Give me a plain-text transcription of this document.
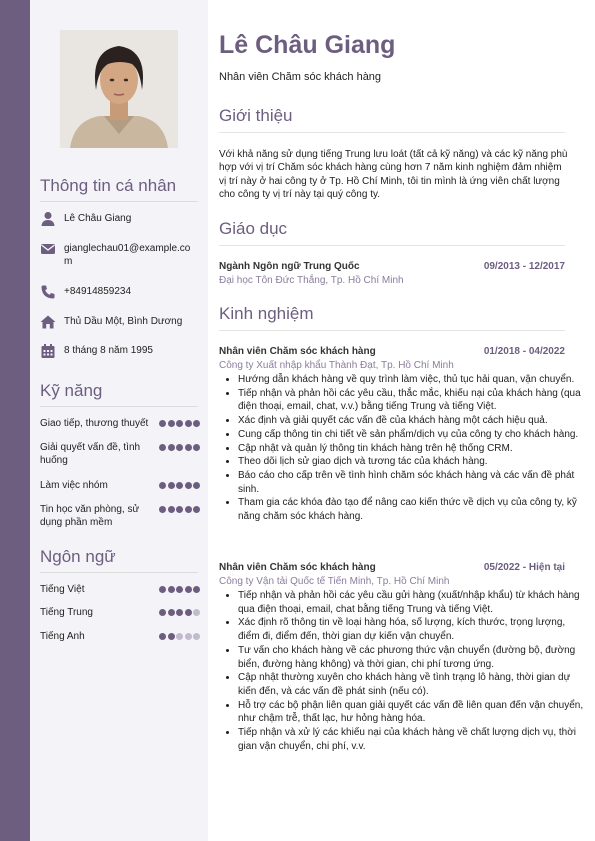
Thông tin cá nhân
Lê Châu Giang
gianglechau01@example.com
+84914859234
Thủ Dầu Một, Bình Dương
8 tháng 8 năm 1995
Kỹ năng
Giao tiếp, thương thuyết
Giải quyết vấn đề, tình huống
Làm việc nhóm
Tin học văn phòng, sử dụng phần mềm
Ngôn ngữ
Tiếng Việt
Tiếng Trung
Tiếng Anh
Lê Châu Giang
Nhân viên Chăm sóc khách hàng
Giới thiệu
Với khả năng sử dụng tiếng Trung lưu loát (tất cả kỹ năng) và các kỹ năng phù hợp với vị trí Chăm sóc khách hàng cùng hơn 7 năm kinh nghiệm đảm nhiệm vị trí này ở hai công ty ở Tp. Hồ Chí Minh, tôi tin mình là ứng viên chất lượng cho công ty vị trí này tại quý công ty.
Giáo dục
Ngành Ngôn ngữ Trung Quốc	09/2013 - 12/2017
Đại học Tôn Đức Thắng, Tp. Hồ Chí Minh
Kinh nghiệm
Nhân viên Chăm sóc khách hàng	01/2018 - 04/2022
Công ty Xuất nhập khẩu Thành Đạt, Tp. Hồ Chí Minh
• Hướng dẫn khách hàng về quy trình làm việc, thủ tục hải quan, vận chuyển.
• Tiếp nhận và phản hồi các yêu cầu, thắc mắc, khiếu nại của khách hàng (qua điện thoại, email, chat, v.v.) bằng tiếng Trung và tiếng Việt.
• Xác định và giải quyết các vấn đề của khách hàng một cách hiệu quả.
• Cung cấp thông tin chi tiết về sản phẩm/dịch vụ của công ty cho khách hàng.
• Cập nhật và quản lý thông tin khách hàng trên hệ thống CRM.
• Theo dõi lịch sử giao dịch và tương tác của khách hàng.
• Báo cáo cho cấp trên về tình hình chăm sóc khách hàng và các vấn đề phát sinh.
• Tham gia các khóa đào tạo để nâng cao kiến thức về dịch vụ của công ty, kỹ năng chăm sóc khách hàng.
Nhân viên Chăm sóc khách hàng	05/2022 - Hiện tại
Công ty Vận tải Quốc tế Tiến Minh, Tp. Hồ Chí Minh
• Tiếp nhận và phản hồi các yêu cầu gửi hàng (xuất/nhập khẩu) từ khách hàng qua điện thoại, email, chat bằng tiếng Trung và tiếng Việt.
• Xác định rõ thông tin về loại hàng hóa, số lượng, kích thước, trọng lượng, điểm đi, điểm đến, thời gian dự kiến vận chuyển.
• Tư vấn cho khách hàng về các phương thức vận chuyển (đường bộ, đường biển, đường hàng không) và thời gian, chi phí tương ứng.
• Cập nhật thường xuyên cho khách hàng về tình trạng lô hàng, thời gian dự kiến đến, và các vấn đề phát sinh (nếu có).
• Hỗ trợ các bộ phận liên quan giải quyết các vấn đề liên quan đến vận chuyển, như chậm trễ, thất lạc, hư hỏng hàng hóa.
• Tiếp nhận và xử lý các khiếu nại của khách hàng về chất lượng dịch vụ, thời gian vận chuyển, chi phí, v.v.
